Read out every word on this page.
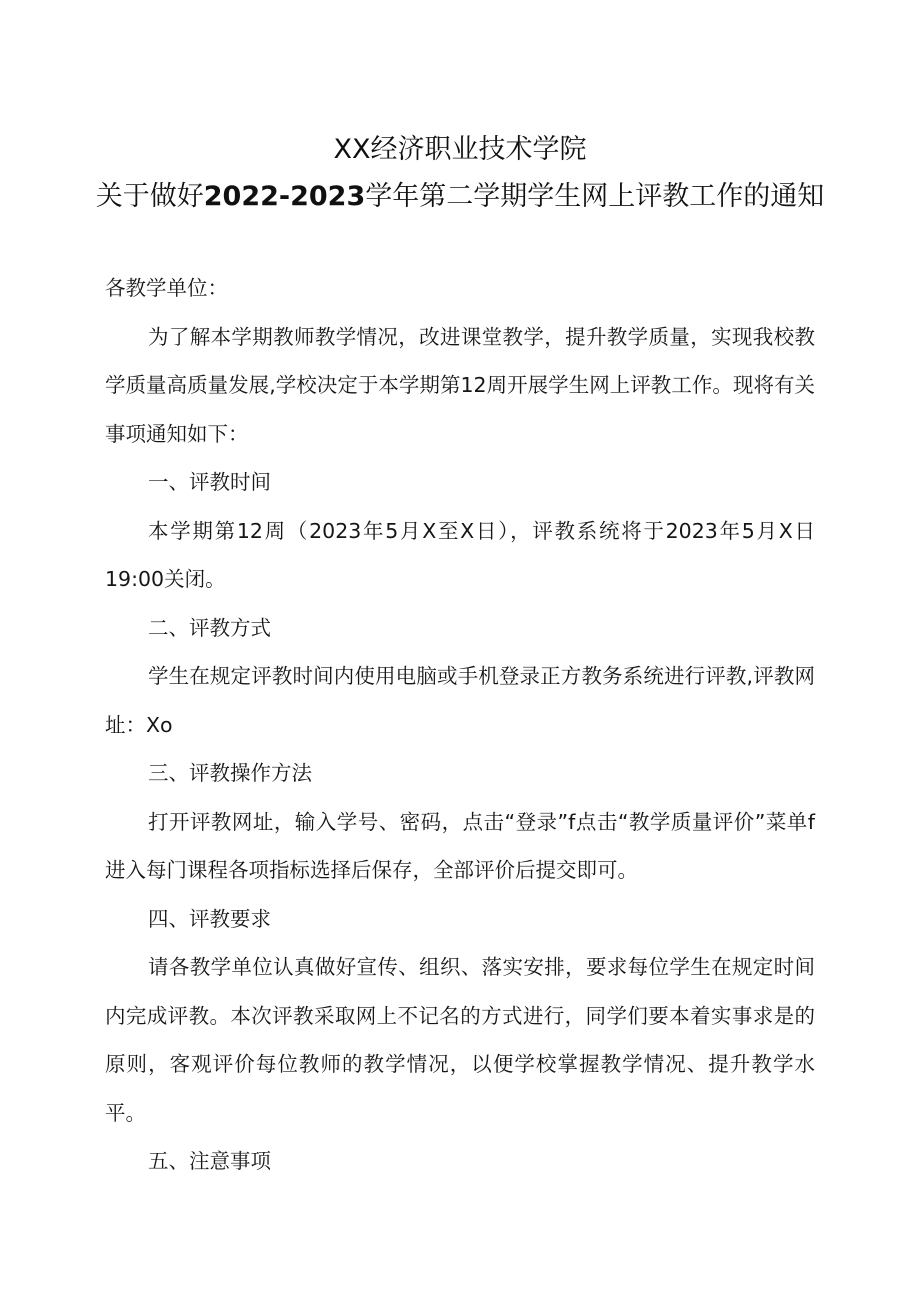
XX经济职业技术学院
关于做好2022-2023学年第二学期学生网上评教工作的通知

各教学单位：

为了解本学期教师教学情况，改进课堂教学，提升教学质量，实现我校教学质量高质量发展,学校决定于本学期第12周开展学生网上评教工作。现将有关事项通知如下：

一、评教时间

本学期第12周（2023年5月X至X日），评教系统将于2023年5月X日19:00关闭。

二、评教方式

学生在规定评教时间内使用电脑或手机登录正方教务系统进行评教,评教网址：Xo

三、评教操作方法

打开评教网址，输入学号、密码，点击“登录”f点击“教学质量评价”菜单f进入每门课程各项指标选择后保存，全部评价后提交即可。

四、评教要求

请各教学单位认真做好宣传、组织、落实安排，要求每位学生在规定时间内完成评教。本次评教采取网上不记名的方式进行，同学们要本着实事求是的原则，客观评价每位教师的教学情况，以便学校掌握教学情况、提升教学水平。

五、注意事项
